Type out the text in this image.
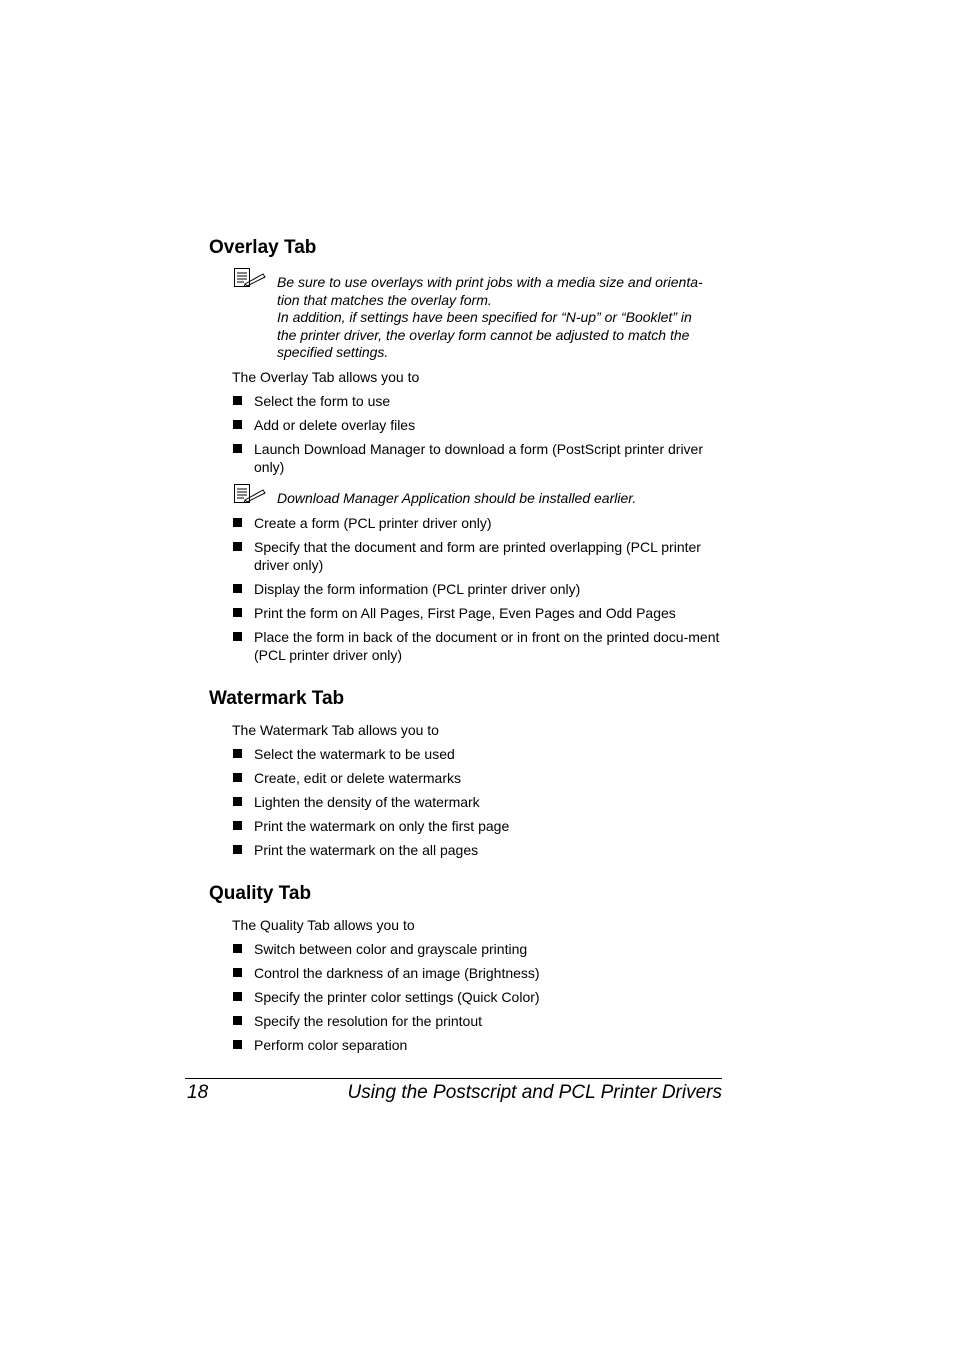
Overlay Tab
Be sure to use overlays with print jobs with a media size and orienta-
tion that matches the overlay form.
In addition, if settings have been specified for “N-up” or “Booklet” in
the printer driver, the overlay form cannot be adjusted to match the
specified settings.

The Overlay Tab allows you to

Select the form to use
Add or delete overlay files
Launch Download Manager to download a form (PostScript printer driver only)
Download Manager Application should be installed earlier.
Create a form (PCL printer driver only)
Specify that the document and form are printed overlapping (PCL printer driver only)
Display the form information (PCL printer driver only)
Print the form on All Pages, First Page, Even Pages and Odd Pages
Place the form in back of the document or in front on the printed docu-ment (PCL printer driver only)
Watermark Tab

The Watermark Tab allows you to

Select the watermark to be used
Create, edit or delete watermarks
Lighten the density of the watermark
Print the watermark on only the first page
Print the watermark on the all pages
Quality Tab

The Quality Tab allows you to

Switch between color and grayscale printing
Control the darkness of an image (Brightness)
Specify the printer color settings (Quick Color)
Specify the resolution for the printout
Perform color separation
18	Using the Postscript and PCL Printer Drivers
